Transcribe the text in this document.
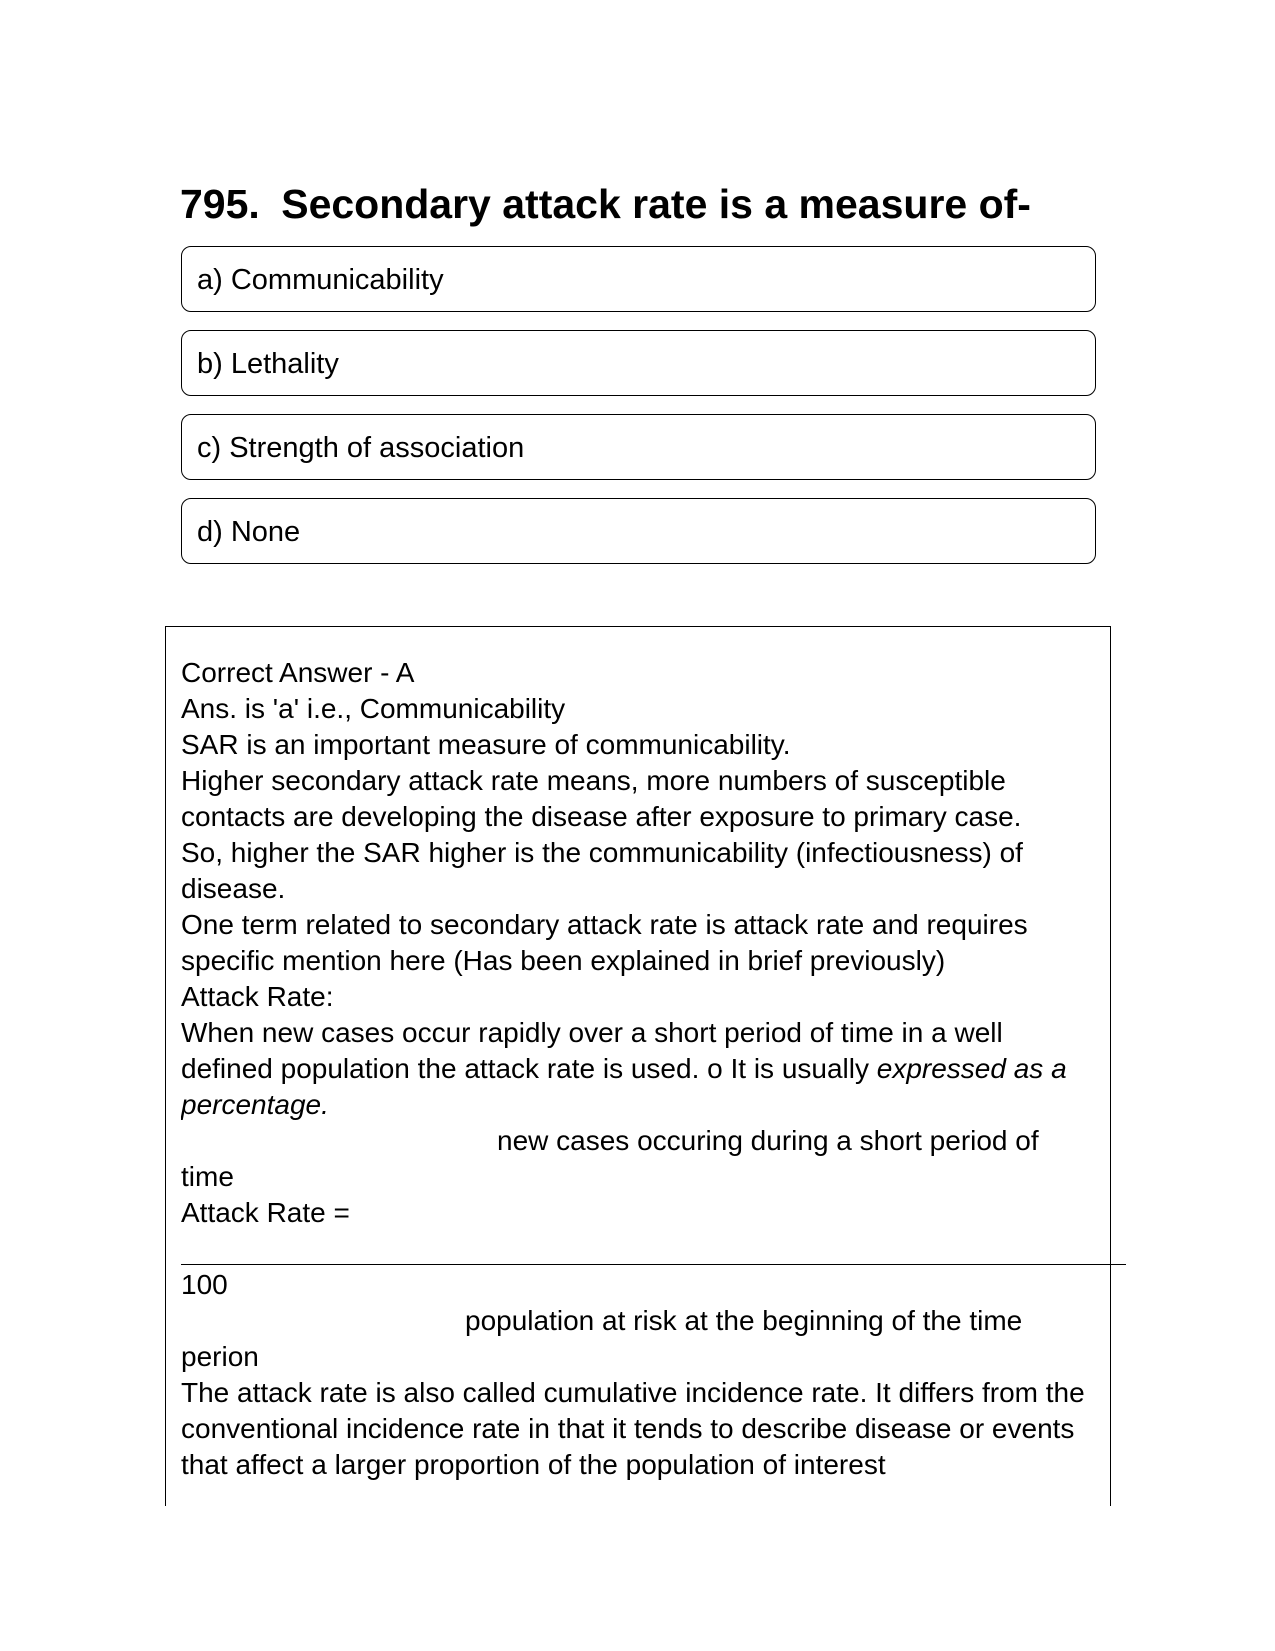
795. Secondary attack rate is a measure of-
a) Communicability
b) Lethality
c) Strength of association
d) None
Correct Answer - A
Ans. is 'a' i.e., Communicability
SAR is an important measure of communicability.
Higher secondary attack rate means, more numbers of susceptible contacts are developing the disease after exposure to primary case.
So, higher the SAR higher is the communicability (infectiousness) of disease.
One term related to secondary attack rate is attack rate and requires specific mention here (Has been explained in brief previously)
Attack Rate:
When new cases occur rapidly over a short period of time in a well defined population the attack rate is used. o It is usually expressed as a percentage.
new cases occuring during a short period of
time
Attack Rate =
100
population at risk at the beginning of the time
perion
The attack rate is also called cumulative incidence rate. It differs from the conventional incidence rate in that it tends to describe disease or events that affect a larger proportion of the population of interest
